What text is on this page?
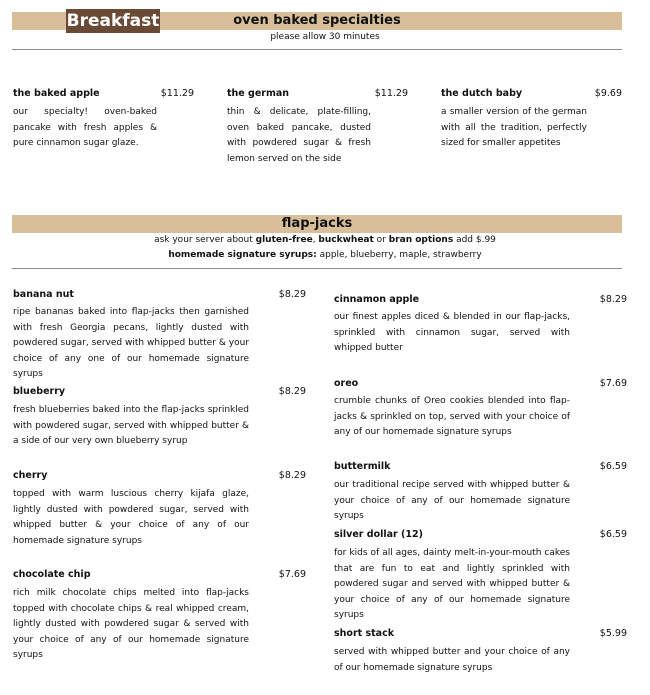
oven baked specialties
Breakfast
please allow 30 minutes
the baked apple	$11.29
our specialty! oven-baked pancake with fresh apples & pure cinnamon sugar glaze.
the german	$11.29
thin & delicate, plate-filling, oven baked pancake, dusted with powdered sugar & fresh lemon served on the side
the dutch baby	$9.69
a smaller version of the german with all the tradition, perfectly sized for smaller appetites
flap-jacks
ask your server about gluten-free, buckwheat or bran options add $.99
homemade signature syrups: apple, blueberry, maple, strawberry
banana nut	$8.29
ripe bananas baked into flap-jacks then garnished with fresh Georgia pecans, lightly dusted with powdered sugar, served with whipped butter & your choice of any one of our homemade signature syrups
blueberry	$8.29
fresh blueberries baked into the flap-jacks sprinkled with powdered sugar, served with whipped butter & a side of our very own blueberry syrup
cherry	$8.29
topped with warm luscious cherry kijafa glaze, lightly dusted with powdered sugar, served with whipped butter & your choice of any of our homemade signature syrups
chocolate chip	$7.69
rich milk chocolate chips melted into flap-jacks topped with chocolate chips & real whipped cream, lightly dusted with powdered sugar & served with your choice of any of our homemade signature syrups
cinnamon apple	$8.29
our finest apples diced & blended in our flap-jacks, sprinkled with cinnamon sugar, served with whipped butter
oreo	$7.69
crumble chunks of Oreo cookies blended into flap-jacks & sprinkled on top, served with your choice of any of our homemade signature syrups
buttermilk	$6.59
our traditional recipe served with whipped butter & your choice of any of our homemade signature syrups
silver dollar (12)	$6.59
for kids of all ages, dainty melt-in-your-mouth cakes that are fun to eat and lightly sprinkled with powdered sugar and served with whipped butter & your choice of any of our homemade signature syrups
short stack	$5.99
served with whipped butter and your choice of any of our homemade signature syrups
